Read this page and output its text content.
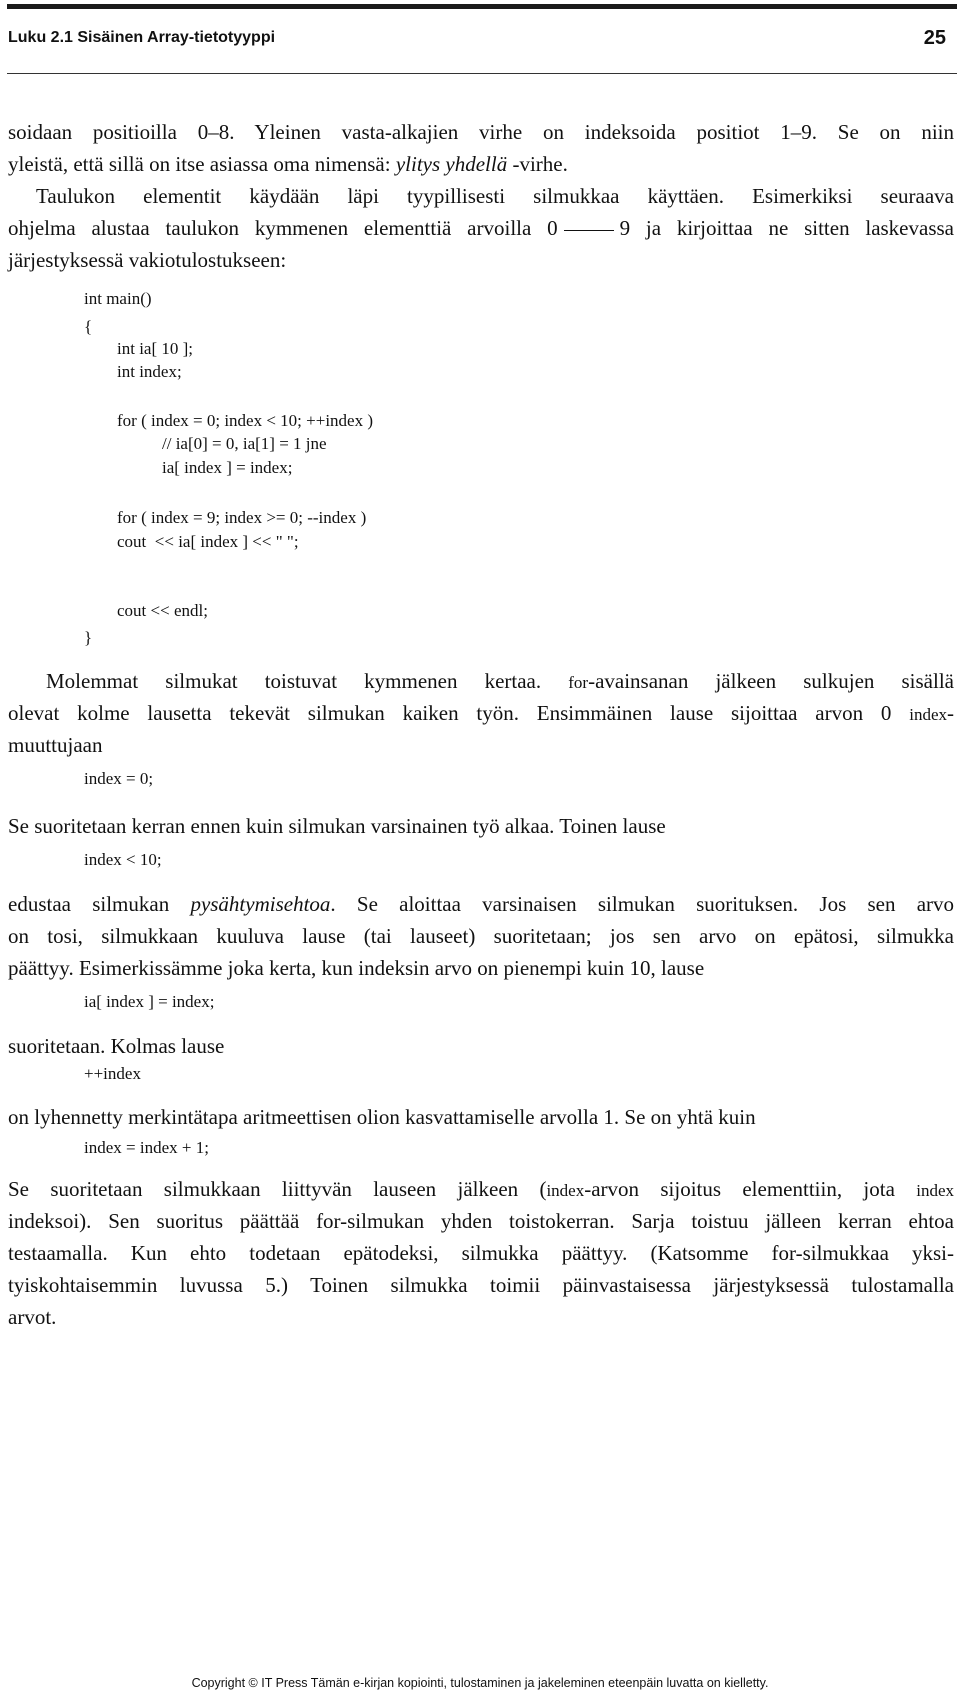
Luku 2.1 Sisäinen Array-tietotyyppi	25

soidaan positioilla 0–8. Yleinen vasta-alkajien virhe on indeksoida positiot 1–9. Se on niin

yleistä, että sillä on itse asiassa oma nimensä: ylitys yhdellä -virhe.

Taulukon elementit käydään läpi tyypillisesti silmukkaa käyttäen. Esimerkiksi seuraava

ohjelma alustaa taulukon kymmenen elementtiä arvoilla 0	9 ja kirjoittaa ne sitten laskevassa

järjestyksessä vakiotulostukseen:

int main()

{

int ia[ 10 ];

int index;

for ( index = 0; index < 10; ++index )

// ia[0] = 0, ia[1] = 1 jne

ia[ index ] = index;

for ( index = 9; index >= 0; --index )

cout  << ia[ index ] << " ";

cout << endl;

}

Molemmat silmukat toistuvat kymmenen kertaa. for-avainsanan jälkeen sulkujen sisällä

olevat kolme lausetta tekevät silmukan kaiken työn. Ensimmäinen lause sijoittaa arvon 0 index-

muuttujaan

index = 0;

Se suoritetaan kerran ennen kuin silmukan varsinainen työ alkaa. Toinen lause

index < 10;

edustaa silmukan pysähtymisehtoa. Se aloittaa varsinaisen silmukan suorituksen. Jos sen arvo

on tosi, silmukkaan kuuluva lause (tai lauseet) suoritetaan; jos sen arvo on epätosi, silmukka

päättyy. Esimerkissämme joka kerta, kun indeksin arvo on pienempi kuin 10, lause

ia[ index ] = index;

suoritetaan. Kolmas lause

++index

on lyhennetty merkintätapa aritmeettisen olion kasvattamiselle arvolla 1. Se on yhtä kuin

index = index + 1;

Se suoritetaan silmukkaan liittyvän lauseen jälkeen (index-arvon sijoitus elementtiin, jota index

indeksoi). Sen suoritus päättää for-silmukan yhden toistokerran. Sarja toistuu jälleen kerran ehtoa

testaamalla. Kun ehto todetaan epätodeksi, silmukka päättyy. (Katsomme for-silmukkaa yksi-

tyiskohtaisemmin luvussa 5.) Toinen silmukka toimii päinvastaisessa järjestyksessä tulostamalla

arvot.

Copyright © IT Press Tämän e-kirjan kopiointi, tulostaminen ja jakeleminen eteenpäin luvatta on kielletty.
